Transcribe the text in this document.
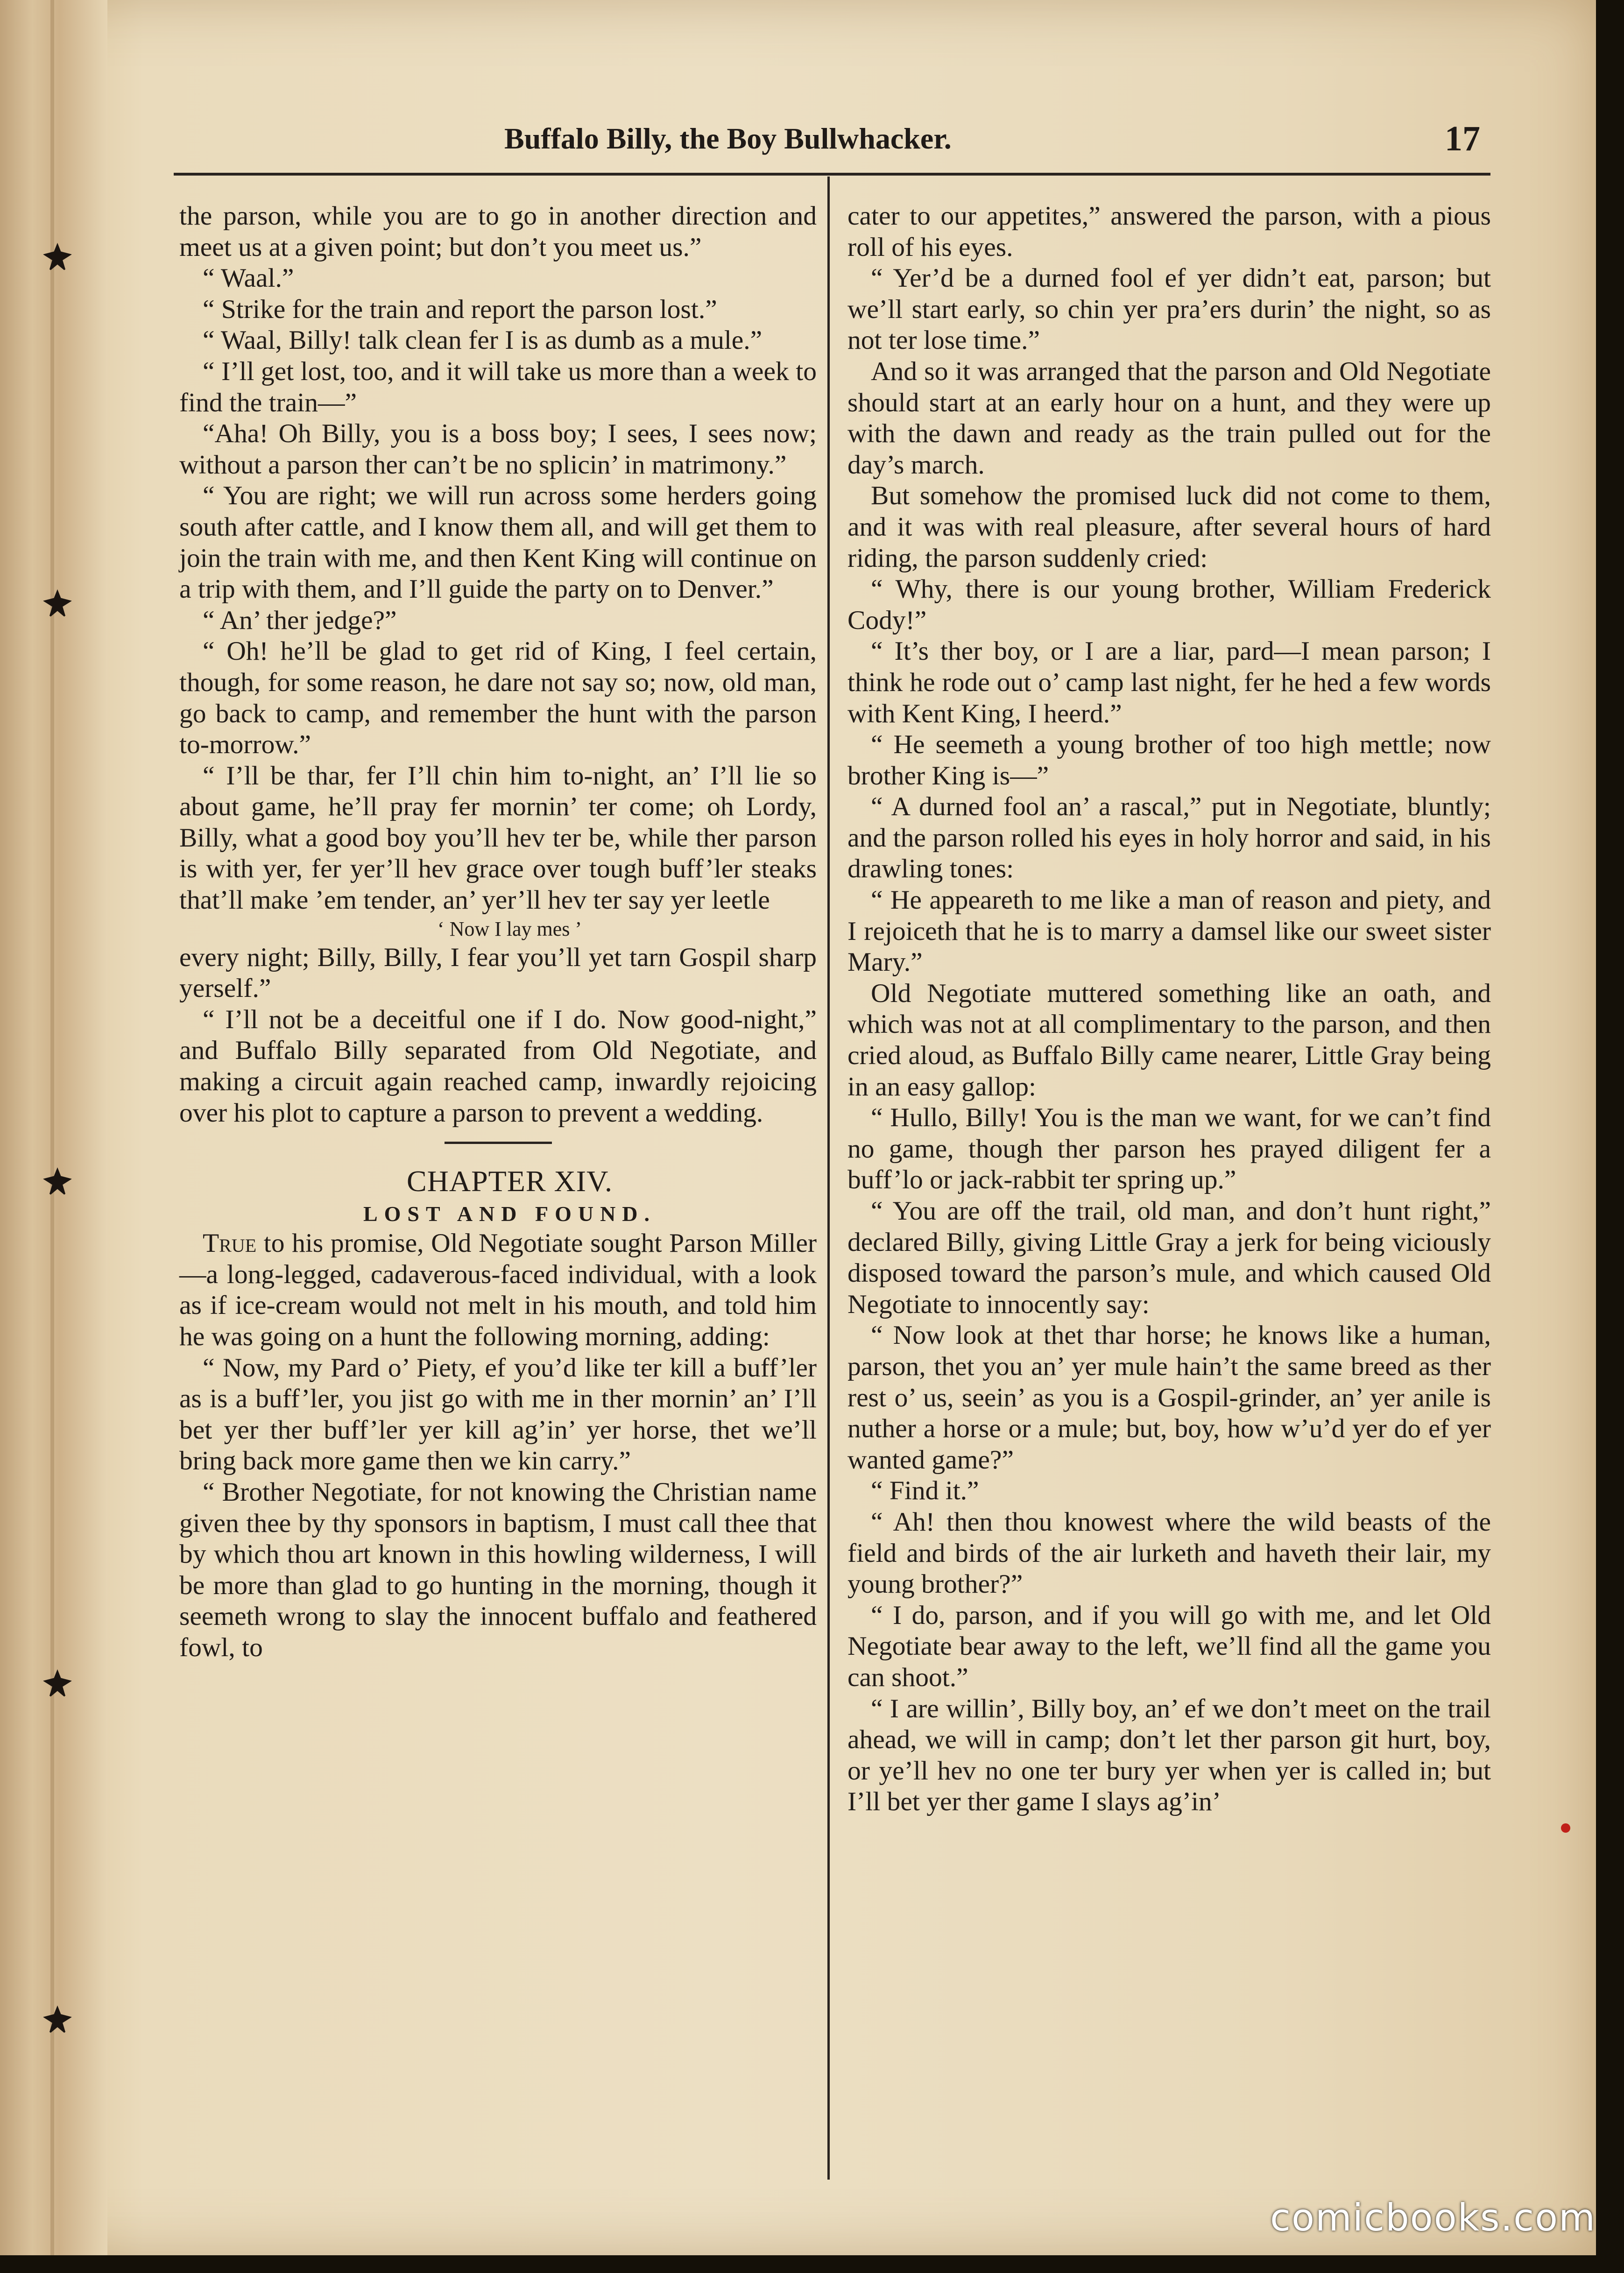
Buffalo Billy, the Boy Bullwhacker.	17

the parson, while you are to go in another direction and meet us at a given point; but don’t you meet us.”

“ Waal.”

“ Strike for the train and report the parson lost.”

“ Waal, Billy! talk clean fer I is as dumb as a mule.”

“ I’ll get lost, too, and it will take us more than a week to find the train—”

“Aha! Oh Billy, you is a boss boy; I sees, I sees now; without a parson ther can’t be no splicin’ in matrimony.”

“ You are right; we will run across some herders going south after cattle, and I know them all, and will get them to join the train with me, and then Kent King will continue on a trip with them, and I’ll guide the party on to Denver.”

“ An’ ther jedge?”

“ Oh! he’ll be glad to get rid of King, I feel certain, though, for some reason, he dare not say so; now, old man, go back to camp, and remember the hunt with the parson to-morrow.”

“ I’ll be thar, fer I’ll chin him to-night, an’ I’ll lie so about game, he’ll pray fer mornin’ ter come; oh Lordy, Billy, what a good boy you’ll hev ter be, while ther parson is with yer, fer yer’ll hev grace over tough buff’ler steaks that’ll make ’em tender, an’ yer’ll hev ter say yer leetle

‘ Now I lay mes ’

every night; Billy, Billy, I fear you’ll yet tarn Gospil sharp yerself.”

“ I’ll not be a deceitful one if I do. Now good-night,” and Buffalo Billy separated from Old Negotiate, and making a circuit again reached camp, inwardly rejoicing over his plot to capture a parson to prevent a wedding.

CHAPTER XIV.

LOST AND FOUND.

True to his promise, Old Negotiate sought Parson Miller—a long-legged, cadaverous-faced individual, with a look as if ice-cream would not melt in his mouth, and told him he was going on a hunt the following morning, adding:

“ Now, my Pard o’ Piety, ef you’d like ter kill a buff’ler as is a buff’ler, you jist go with me in ther mornin’ an’ I’ll bet yer ther buff’ler yer kill ag’in’ yer horse, thet we’ll bring back more game then we kin carry.”

“ Brother Negotiate, for not knowing the Christian name given thee by thy sponsors in baptism, I must call thee that by which thou art known in this howling wilderness, I will be more than glad to go hunting in the morning, though it seemeth wrong to slay the innocent buffalo and feathered fowl, to

cater to our appetites,” answered the parson, with a pious roll of his eyes.

“ Yer’d be a durned fool ef yer didn’t eat, parson; but we’ll start early, so chin yer pra’ers durin’ the night, so as not ter lose time.”

And so it was arranged that the parson and Old Negotiate should start at an early hour on a hunt, and they were up with the dawn and ready as the train pulled out for the day’s march.

But somehow the promised luck did not come to them, and it was with real pleasure, after several hours of hard riding, the parson suddenly cried:

“ Why, there is our young brother, William Frederick Cody!”

“ It’s ther boy, or I are a liar, pard—I mean parson; I think he rode out o’ camp last night, fer he hed a few words with Kent King, I heerd.”

“ He seemeth a young brother of too high mettle; now brother King is—”

“ A durned fool an’ a rascal,” put in Negotiate, bluntly; and the parson rolled his eyes in holy horror and said, in his drawling tones:

“ He appeareth to me like a man of reason and piety, and I rejoiceth that he is to marry a damsel like our sweet sister Mary.”

Old Negotiate muttered something like an oath, and which was not at all complimentary to the parson, and then cried aloud, as Buffalo Billy came nearer, Little Gray being in an easy gallop:

“ Hullo, Billy! You is the man we want, for we can’t find no game, though ther parson hes prayed diligent fer a buff’lo or jack-rabbit ter spring up.”

“ You are off the trail, old man, and don’t hunt right,” declared Billy, giving Little Gray a jerk for being viciously disposed toward the parson’s mule, and which caused Old Negotiate to innocently say:

“ Now look at thet thar horse; he knows like a human, parson, thet you an’ yer mule hain’t the same breed as ther rest o’ us, seein’ as you is a Gospil-grinder, an’ yer anile is nuther a horse or a mule; but, boy, how w’u’d yer do ef yer wanted game?”

“ Find it.”

“ Ah! then thou knowest where the wild beasts of the field and birds of the air lurketh and haveth their lair, my young brother?”

“ I do, parson, and if you will go with me, and let Old Negotiate bear away to the left, we’ll find all the game you can shoot.”

“ I are willin’, Billy boy, an’ ef we don’t meet on the trail ahead, we will in camp; don’t let ther parson git hurt, boy, or ye’ll hev no one ter bury yer when yer is called in; but I’ll bet yer ther game I slays ag’in’

comicbooks.com
